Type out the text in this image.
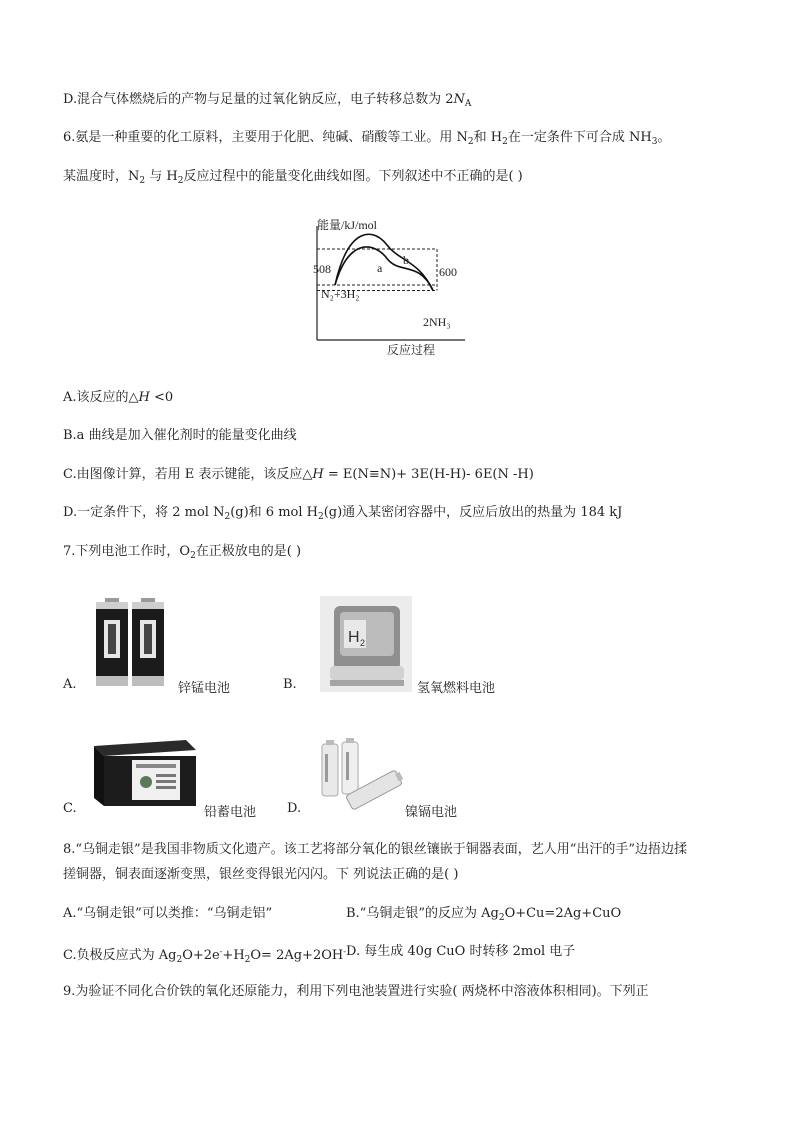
D.混合气体燃烧后的产物与足量的过氧化钠反应，电子转移总数为 $2N_A$
6.氨是一种重要的化工原料，主要用于化肥、纯碱、硝酸等工业。用 $N_2$和 $H_2$在一定条件下可合成 $NH_3$。
某温度时，$N_2$ 与 $H_2$反应过程中的能量变化曲线如图。下列叙述中不正确的是( )
能量/kJ/mol
反应过程
508	600
a
b
N₂+3H₂
2NH₃
A.该反应的△H <0
B.a 曲线是加入催化剂时的能量变化曲线
C.由图像计算，若用 E 表示键能，该反应△H = E(N≡N)+ 3E(H-H)- 6E(N -H)
D.一定条件下，将 2 mol $N_2(g)$和 6 mol $H_2(g)$通入某密闭容器中，反应后放出的热量为 184 kJ
7.下列电池工作时，$O_2$在正极放电的是( )
A.	锌锰电池	B.
H 2
氢氧燃料电池
C.	铅蓄电池 D.	镍镉电池
8.“乌铜走银”是我国非物质文化遗产。该工艺将部分氧化的银丝镶嵌于铜器表面，艺人用“出汗的手”边捂边揉
搓铜器，铜表面逐渐变黑，银丝变得银光闪闪。下 列说法正确的是( )
A.“乌铜走银”可以类推：“乌铜走铝”	B.“乌铜走银”的反应为 $Ag_2O+Cu=2Ag+CuO$
C.负极反应式为 $Ag_2O+2e^-+H_2O= 2Ag+2OH^-$ D. 每生成 40g CuO 时转移 2mol 电子
9.为验证不同化合价铁的氧化还原能力，利用下列电池装置进行实验( 两烧杯中溶液体积相同)。下列正
